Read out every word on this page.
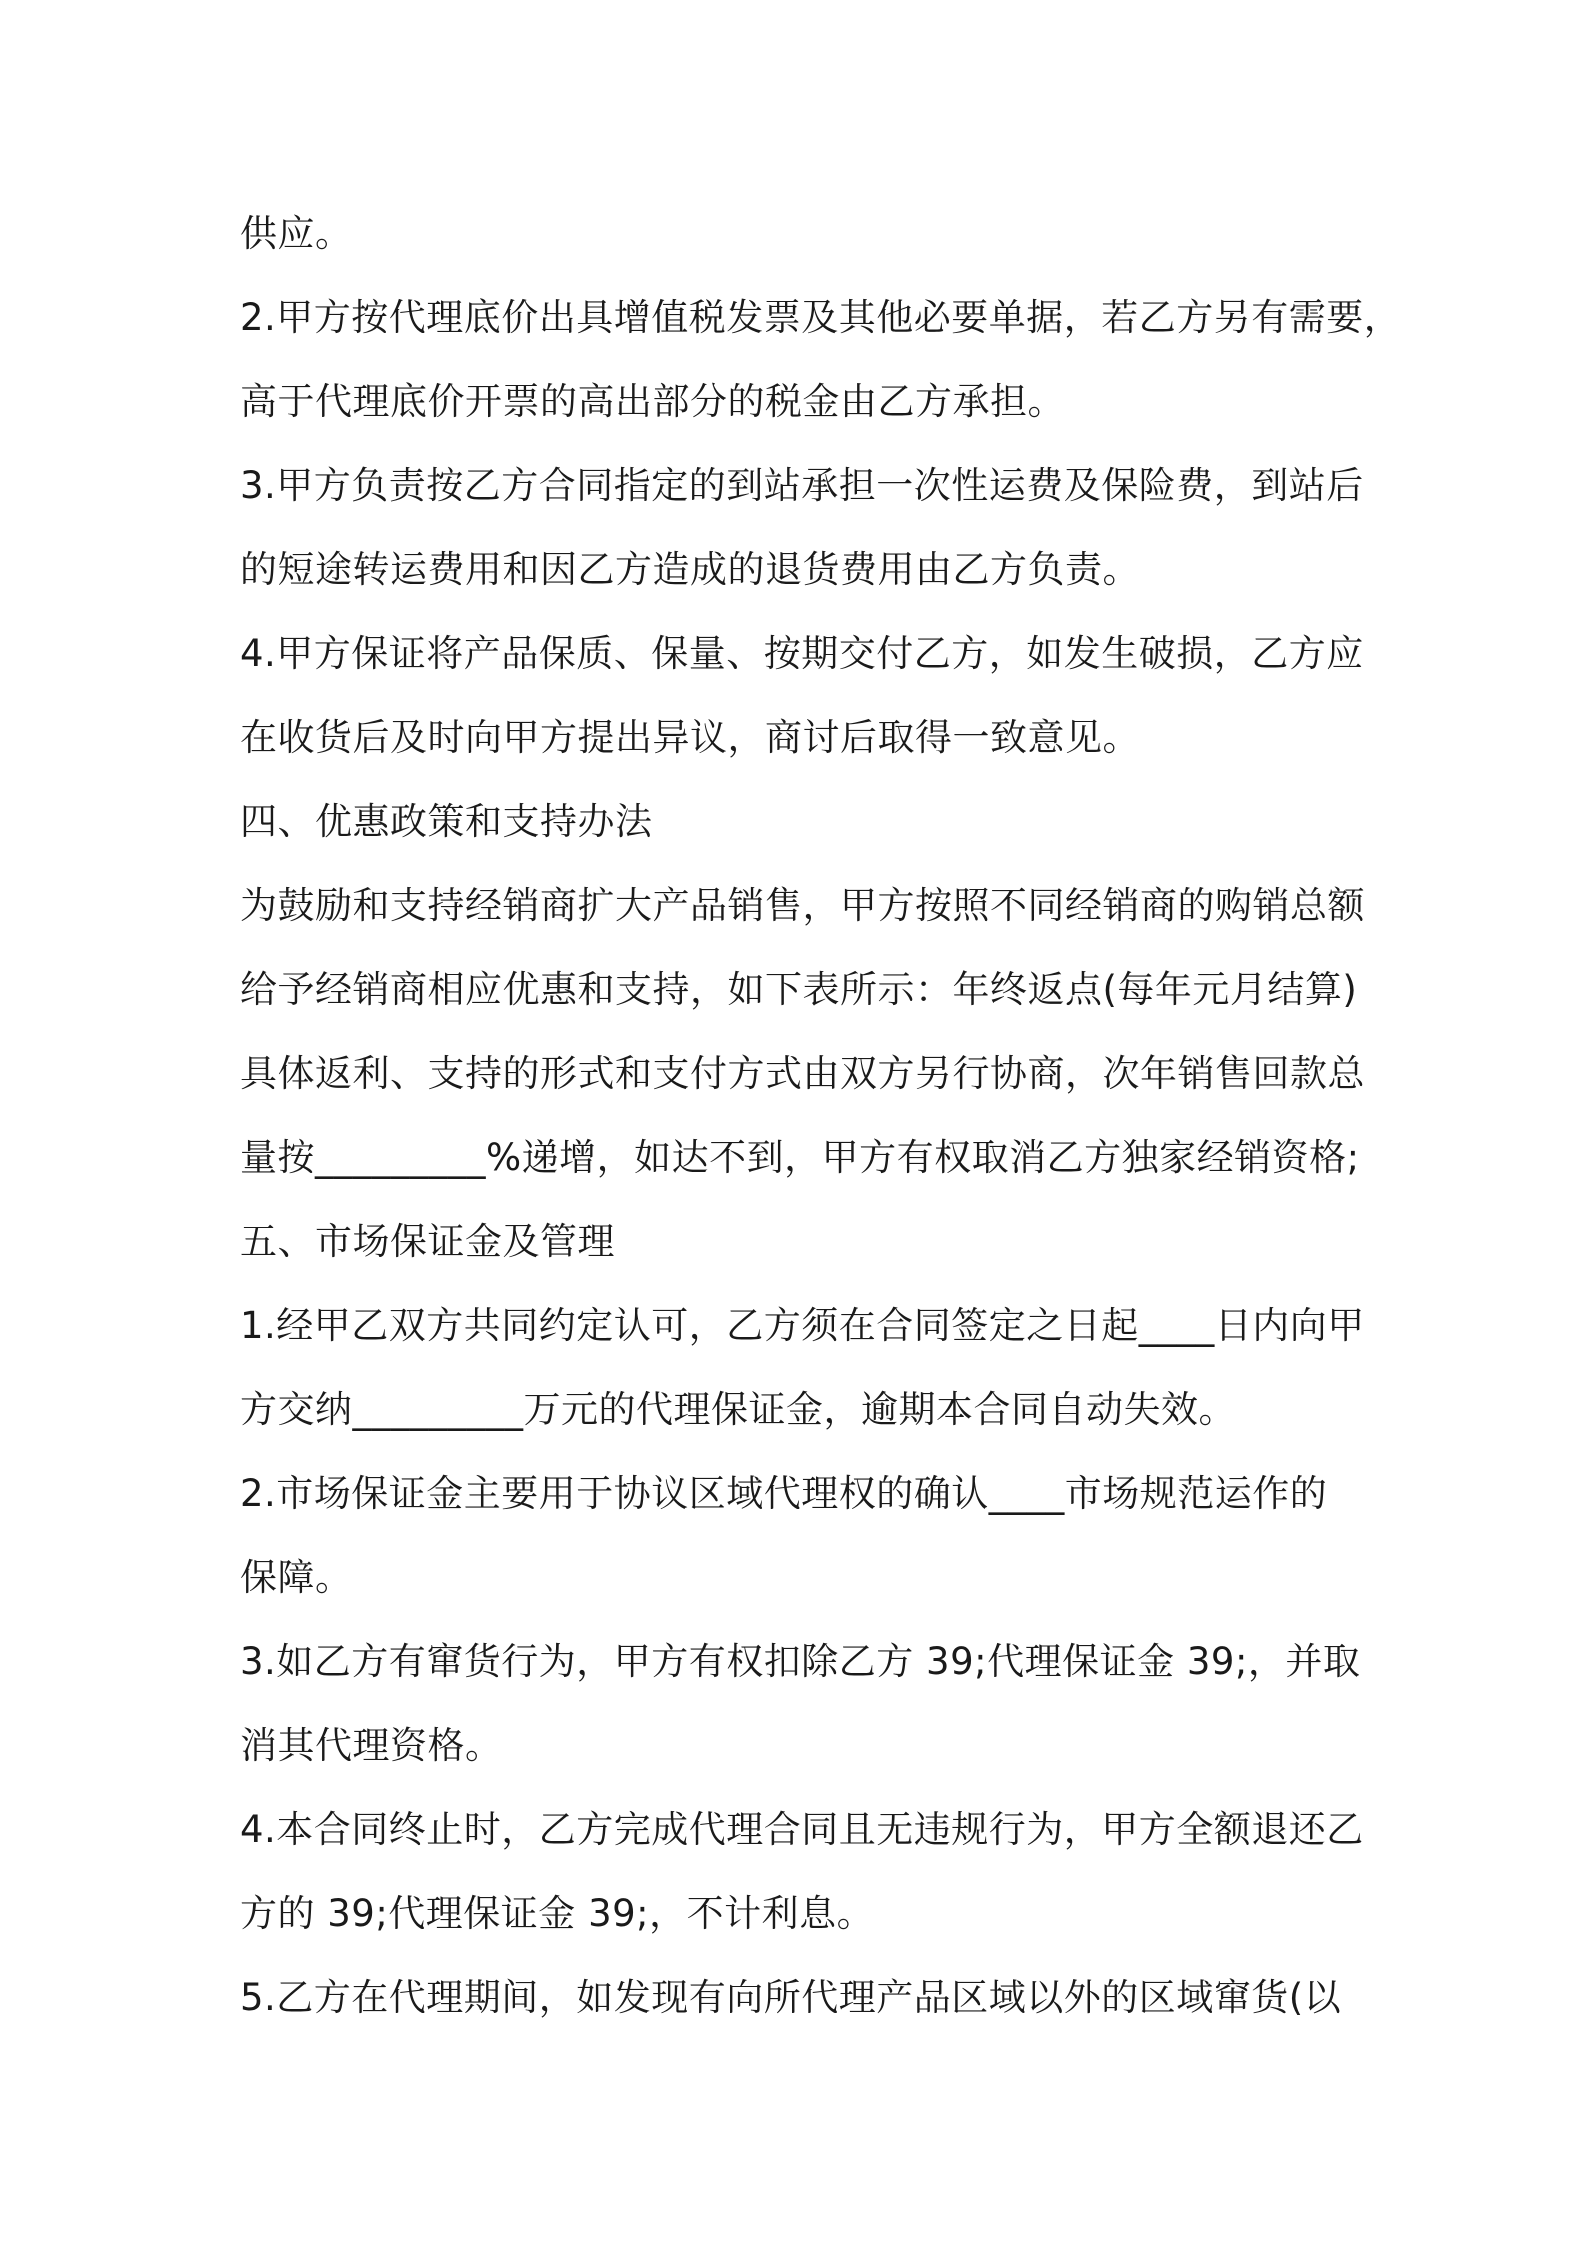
供应。
2.甲方按代理底价出具增值税发票及其他必要单据，若乙方另有需要，
高于代理底价开票的高出部分的税金由乙方承担。
3.甲方负责按乙方合同指定的到站承担一次性运费及保险费，到站后
的短途转运费用和因乙方造成的退货费用由乙方负责。
4.甲方保证将产品保质、保量、按期交付乙方，如发生破损，乙方应
在收货后及时向甲方提出异议，商讨后取得一致意见。
四、优惠政策和支持办法
为鼓励和支持经销商扩大产品销售，甲方按照不同经销商的购销总额
给予经销商相应优惠和支持，如下表所示：年终返点(每年元月结算)
具体返利、支持的形式和支付方式由双方另行协商，次年销售回款总
量按_________%递增，如达不到，甲方有权取消乙方独家经销资格;
五、市场保证金及管理
1.经甲乙双方共同约定认可，乙方须在合同签定之日起____日内向甲
方交纳_________万元的代理保证金，逾期本合同自动失效。
2.市场保证金主要用于协议区域代理权的确认____市场规范运作的
保障。
3.如乙方有窜货行为，甲方有权扣除乙方 39;代理保证金 39;，并取
消其代理资格。
4.本合同终止时，乙方完成代理合同且无违规行为，甲方全额退还乙
方的 39;代理保证金 39;，不计利息。
5.乙方在代理期间，如发现有向所代理产品区域以外的区域窜货(以
